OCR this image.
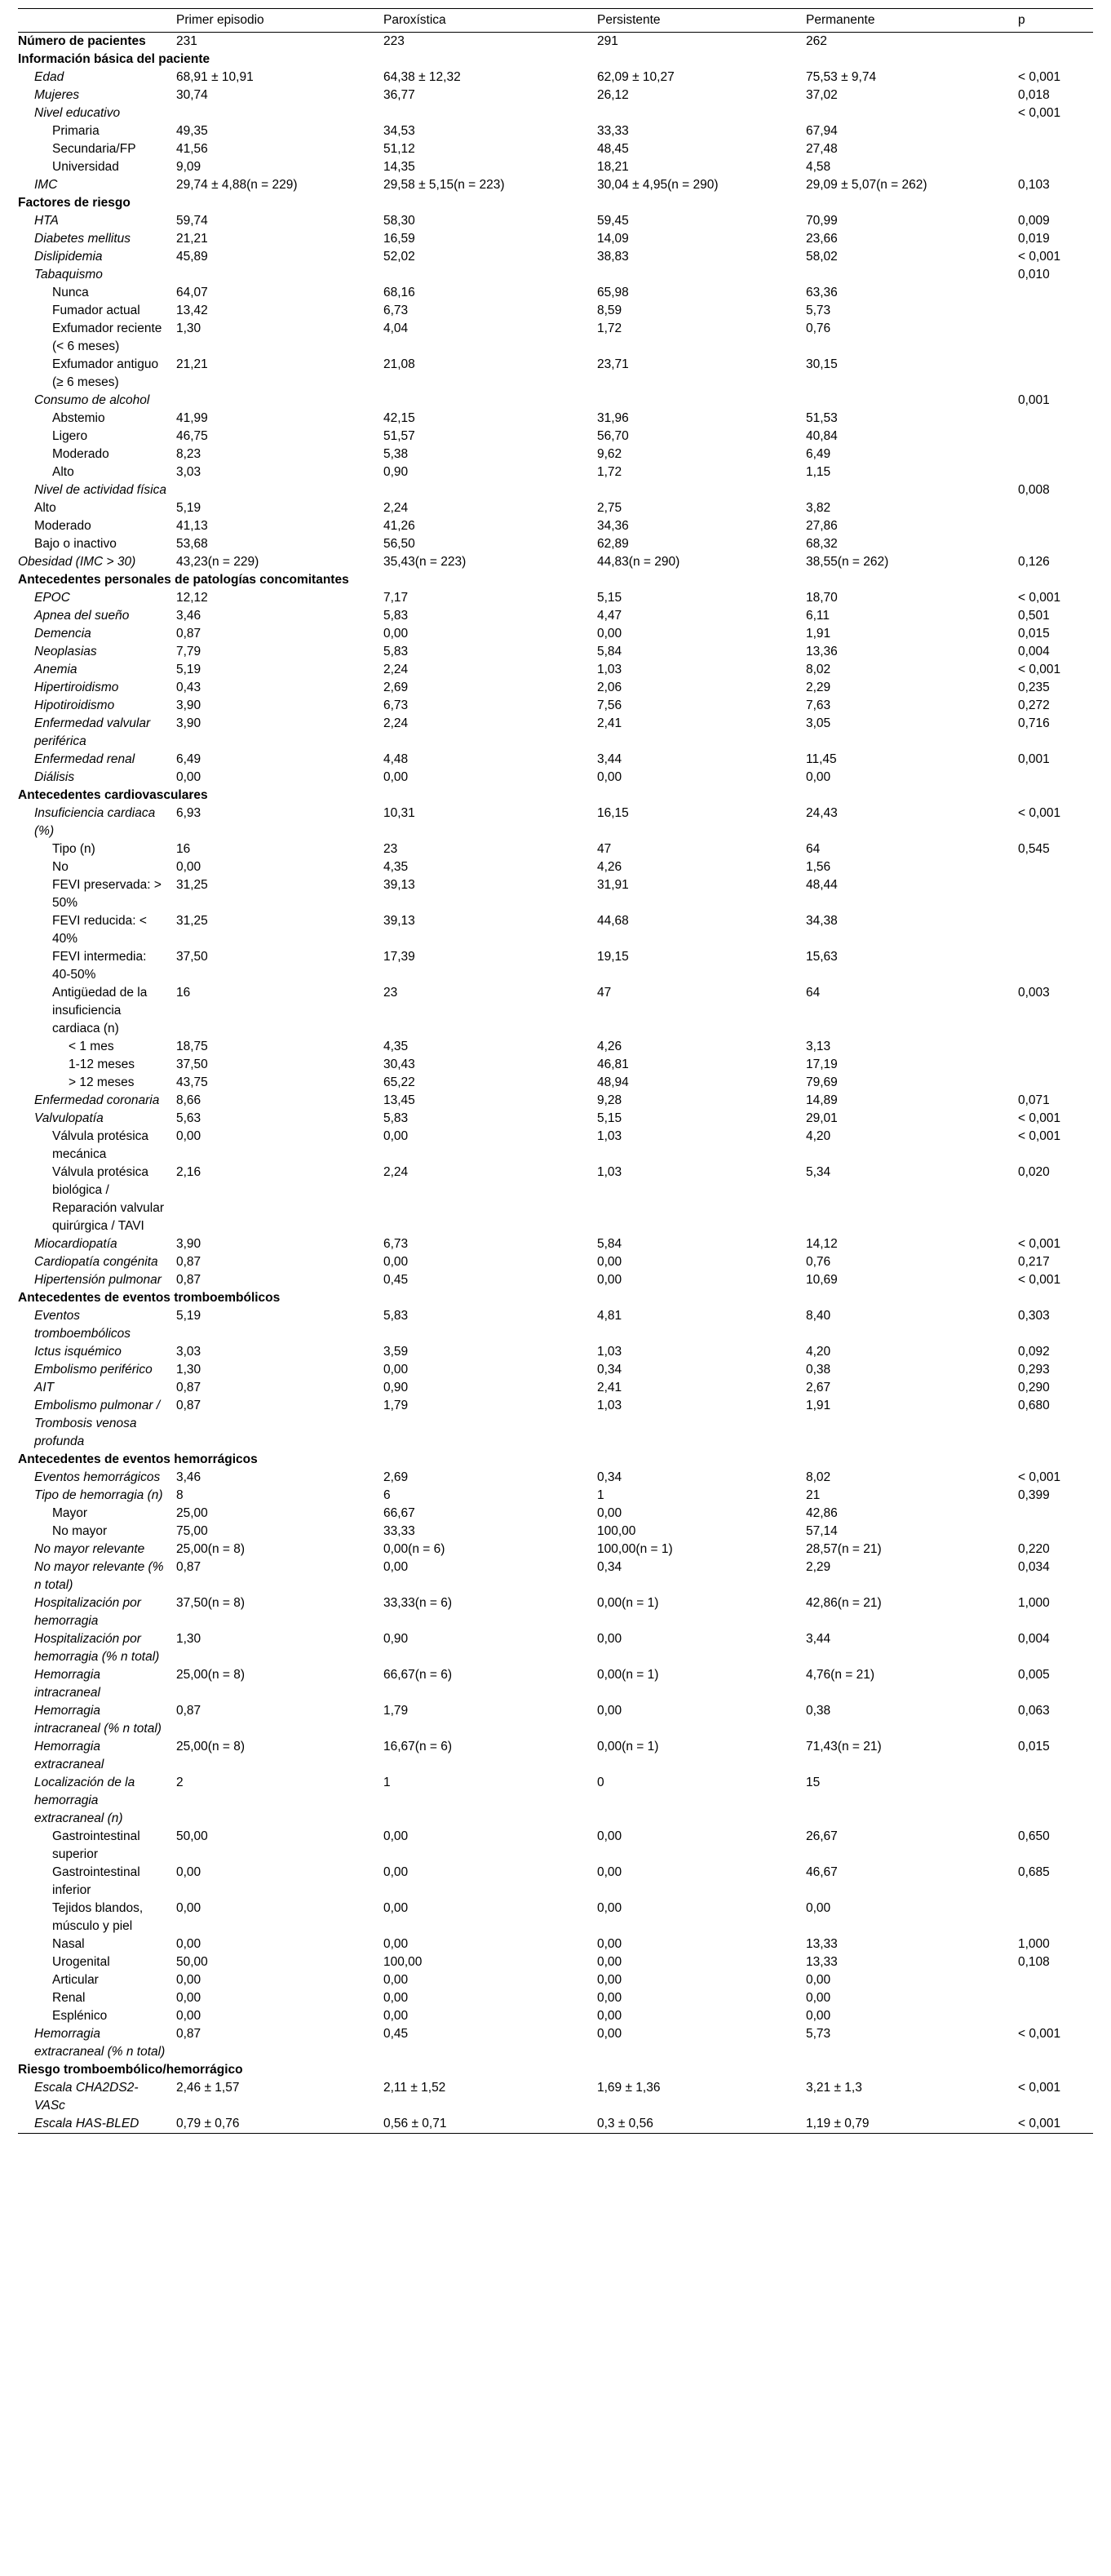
	Primer episodio	Paroxística	Persistente	Permanente	p
Número de pacientes	231	223	291	262	
Información básica del paciente					
Edad	68,91 ± 10,91	64,38 ± 12,32	62,09 ± 10,27	75,53 ± 9,74	< 0,001
Mujeres	30,74	36,77	26,12	37,02	0,018
Nivel educativo					< 0,001
Primaria	49,35	34,53	33,33	67,94	
Secundaria/FP	41,56	51,12	48,45	27,48	
Universidad	9,09	14,35	18,21	4,58	
IMC	29,74 ± 4,88(n = 229)	29,58 ± 5,15(n = 223)	30,04 ± 4,95(n = 290)	29,09 ± 5,07(n = 262)	0,103
Factores de riesgo					
HTA	59,74	58,30	59,45	70,99	0,009
Diabetes mellitus	21,21	16,59	14,09	23,66	0,019
Dislipidemia	45,89	52,02	38,83	58,02	< 0,001
Tabaquismo					0,010
Nunca	64,07	68,16	65,98	63,36	
Fumador actual	13,42	6,73	8,59	5,73	
Exfumador reciente (< 6 meses)	1,30	4,04	1,72	0,76	
Exfumador antiguo (≥ 6 meses)	21,21	21,08	23,71	30,15	
Consumo de alcohol					0,001
Abstemio	41,99	42,15	31,96	51,53	
Ligero	46,75	51,57	56,70	40,84	
Moderado	8,23	5,38	9,62	6,49	
Alto	3,03	0,90	1,72	1,15	
Nivel de actividad física					0,008
Alto	5,19	2,24	2,75	3,82	
Moderado	41,13	41,26	34,36	27,86	
Bajo o inactivo	53,68	56,50	62,89	68,32	
Obesidad (IMC > 30)	43,23(n = 229)	35,43(n = 223)	44,83(n = 290)	38,55(n = 262)	0,126
Antecedentes personales de patologías concomitantes					
EPOC	12,12	7,17	5,15	18,70	< 0,001
Apnea del sueño	3,46	5,83	4,47	6,11	0,501
Demencia	0,87	0,00	0,00	1,91	0,015
Neoplasias	7,79	5,83	5,84	13,36	0,004
Anemia	5,19	2,24	1,03	8,02	< 0,001
Hipertiroidismo	0,43	2,69	2,06	2,29	0,235
Hipotiroidismo	3,90	6,73	7,56	7,63	0,272
Enfermedad valvular periférica	3,90	2,24	2,41	3,05	0,716
Enfermedad renal	6,49	4,48	3,44	11,45	0,001
Diálisis	0,00	0,00	0,00	0,00	
Antecedentes cardiovasculares					
Insuficiencia cardiaca (%)	6,93	10,31	16,15	24,43	< 0,001
Tipo (n)	16	23	47	64	0,545
No	0,00	4,35	4,26	1,56	
FEVI preservada: > 50%	31,25	39,13	31,91	48,44	
FEVI reducida: < 40%	31,25	39,13	44,68	34,38	
FEVI intermedia: 40-50%	37,50	17,39	19,15	15,63	
Antigüedad de la insuficiencia cardiaca (n)	16	23	47	64	0,003
< 1 mes	18,75	4,35	4,26	3,13	
1-12 meses	37,50	30,43	46,81	17,19	
> 12 meses	43,75	65,22	48,94	79,69	
Enfermedad coronaria	8,66	13,45	9,28	14,89	0,071
Valvulopatía	5,63	5,83	5,15	29,01	< 0,001
Válvula protésica mecánica	0,00	0,00	1,03	4,20	< 0,001
Válvula protésica biológica / Reparación valvular quirúrgica / TAVI	2,16	2,24	1,03	5,34	0,020
Miocardiopatía	3,90	6,73	5,84	14,12	< 0,001
Cardiopatía congénita	0,87	0,00	0,00	0,76	0,217
Hipertensión pulmonar	0,87	0,45	0,00	10,69	< 0,001
Antecedentes de eventos tromboembólicos					
Eventos tromboembólicos	5,19	5,83	4,81	8,40	0,303
Ictus isquémico	3,03	3,59	1,03	4,20	0,092
Embolismo periférico	1,30	0,00	0,34	0,38	0,293
AIT	0,87	0,90	2,41	2,67	0,290
Embolismo pulmonar / Trombosis venosa profunda	0,87	1,79	1,03	1,91	0,680
Antecedentes de eventos hemorrágicos					
Eventos hemorrágicos	3,46	2,69	0,34	8,02	< 0,001
Tipo de hemorragia (n)	8	6	1	21	0,399
Mayor	25,00	66,67	0,00	42,86	
No mayor	75,00	33,33	100,00	57,14	
No mayor relevante	25,00(n = 8)	0,00(n = 6)	100,00(n = 1)	28,57(n = 21)	0,220
No mayor relevante (% n total)	0,87	0,00	0,34	2,29	0,034
Hospitalización por hemorragia	37,50(n = 8)	33,33(n = 6)	0,00(n = 1)	42,86(n = 21)	1,000
Hospitalización por hemorragia (% n total)	1,30	0,90	0,00	3,44	0,004
Hemorragia intracraneal	25,00(n = 8)	66,67(n = 6)	0,00(n = 1)	4,76(n = 21)	0,005
Hemorragia intracraneal (% n total)	0,87	1,79	0,00	0,38	0,063
Hemorragia extracraneal	25,00(n = 8)	16,67(n = 6)	0,00(n = 1)	71,43(n = 21)	0,015
Localización de la hemorragia extracraneal (n)	2	1	0	15	
Gastrointestinal superior	50,00	0,00	0,00	26,67	0,650
Gastrointestinal inferior	0,00	0,00	0,00	46,67	0,685
Tejidos blandos, músculo y piel	0,00	0,00	0,00	0,00	
Nasal	0,00	0,00	0,00	13,33	1,000
Urogenital	50,00	100,00	0,00	13,33	0,108
Articular	0,00	0,00	0,00	0,00	
Renal	0,00	0,00	0,00	0,00	
Esplénico	0,00	0,00	0,00	0,00	
Hemorragia extracraneal (% n total)	0,87	0,45	0,00	5,73	< 0,001
Riesgo tromboembólico/hemorrágico					
Escala CHA2DS2-VASc	2,46 ± 1,57	2,11 ± 1,52	1,69 ± 1,36	3,21 ± 1,3	< 0,001
Escala HAS-BLED	0,79 ± 0,76	0,56 ± 0,71	0,3 ± 0,56	1,19 ± 0,79	< 0,001
